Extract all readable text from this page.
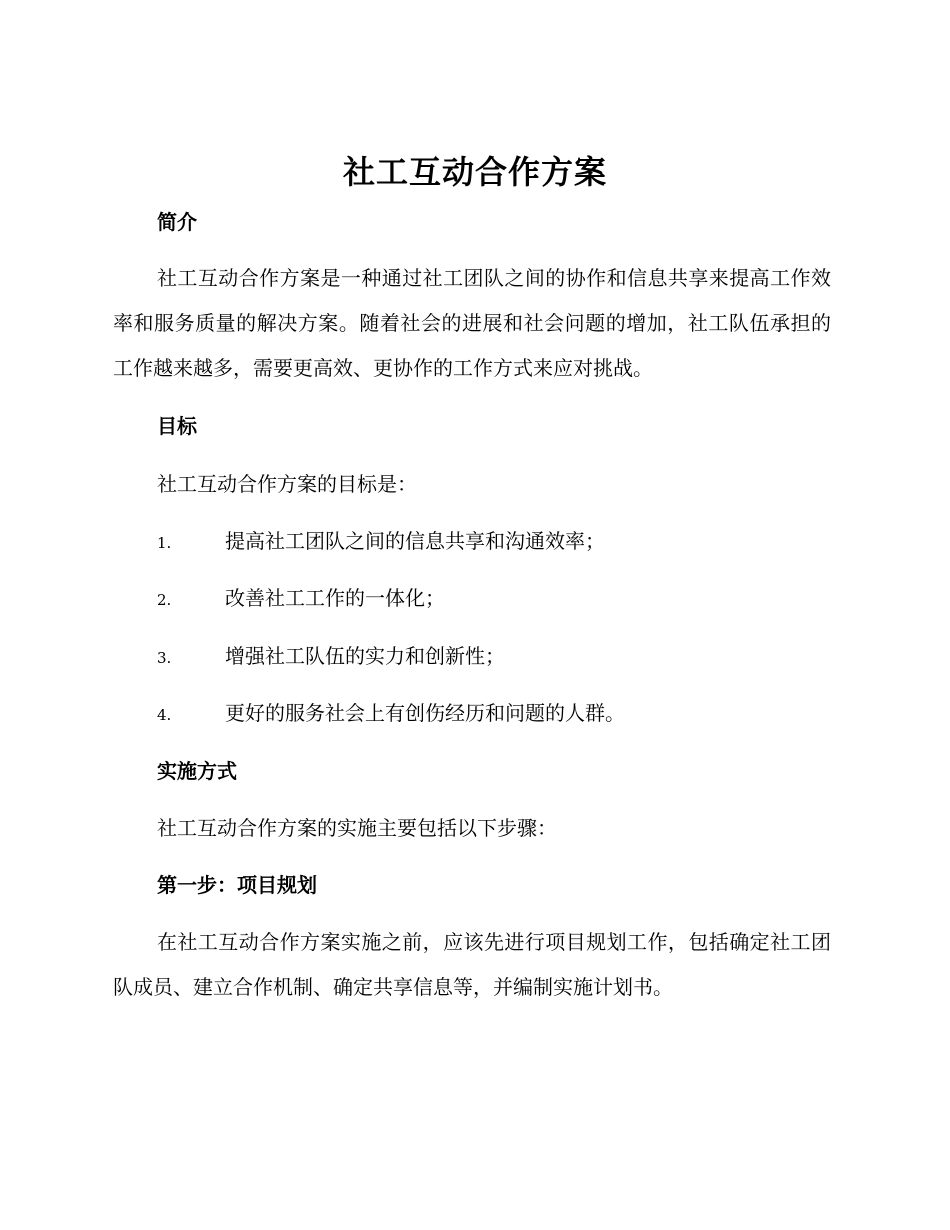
社工互动合作方案
简介
社工互动合作方案是一种通过社工团队之间的协作和信息共享来提高工作效率和服务质量的解决方案。随着社会的进展和社会问题的增加，社工队伍承担的工作越来越多，需要更高效、更协作的工作方式来应对挑战。
目标
社工互动合作方案的目标是：
1.	提高社工团队之间的信息共享和沟通效率；
2.	改善社工工作的一体化；
3.	增强社工队伍的实力和创新性；
4.	更好的服务社会上有创伤经历和问题的人群。
实施方式
社工互动合作方案的实施主要包括以下步骤：
第一步：项目规划
在社工互动合作方案实施之前，应该先进行项目规划工作，包括确定社工团队成员、建立合作机制、确定共享信息等，并编制实施计划书。
